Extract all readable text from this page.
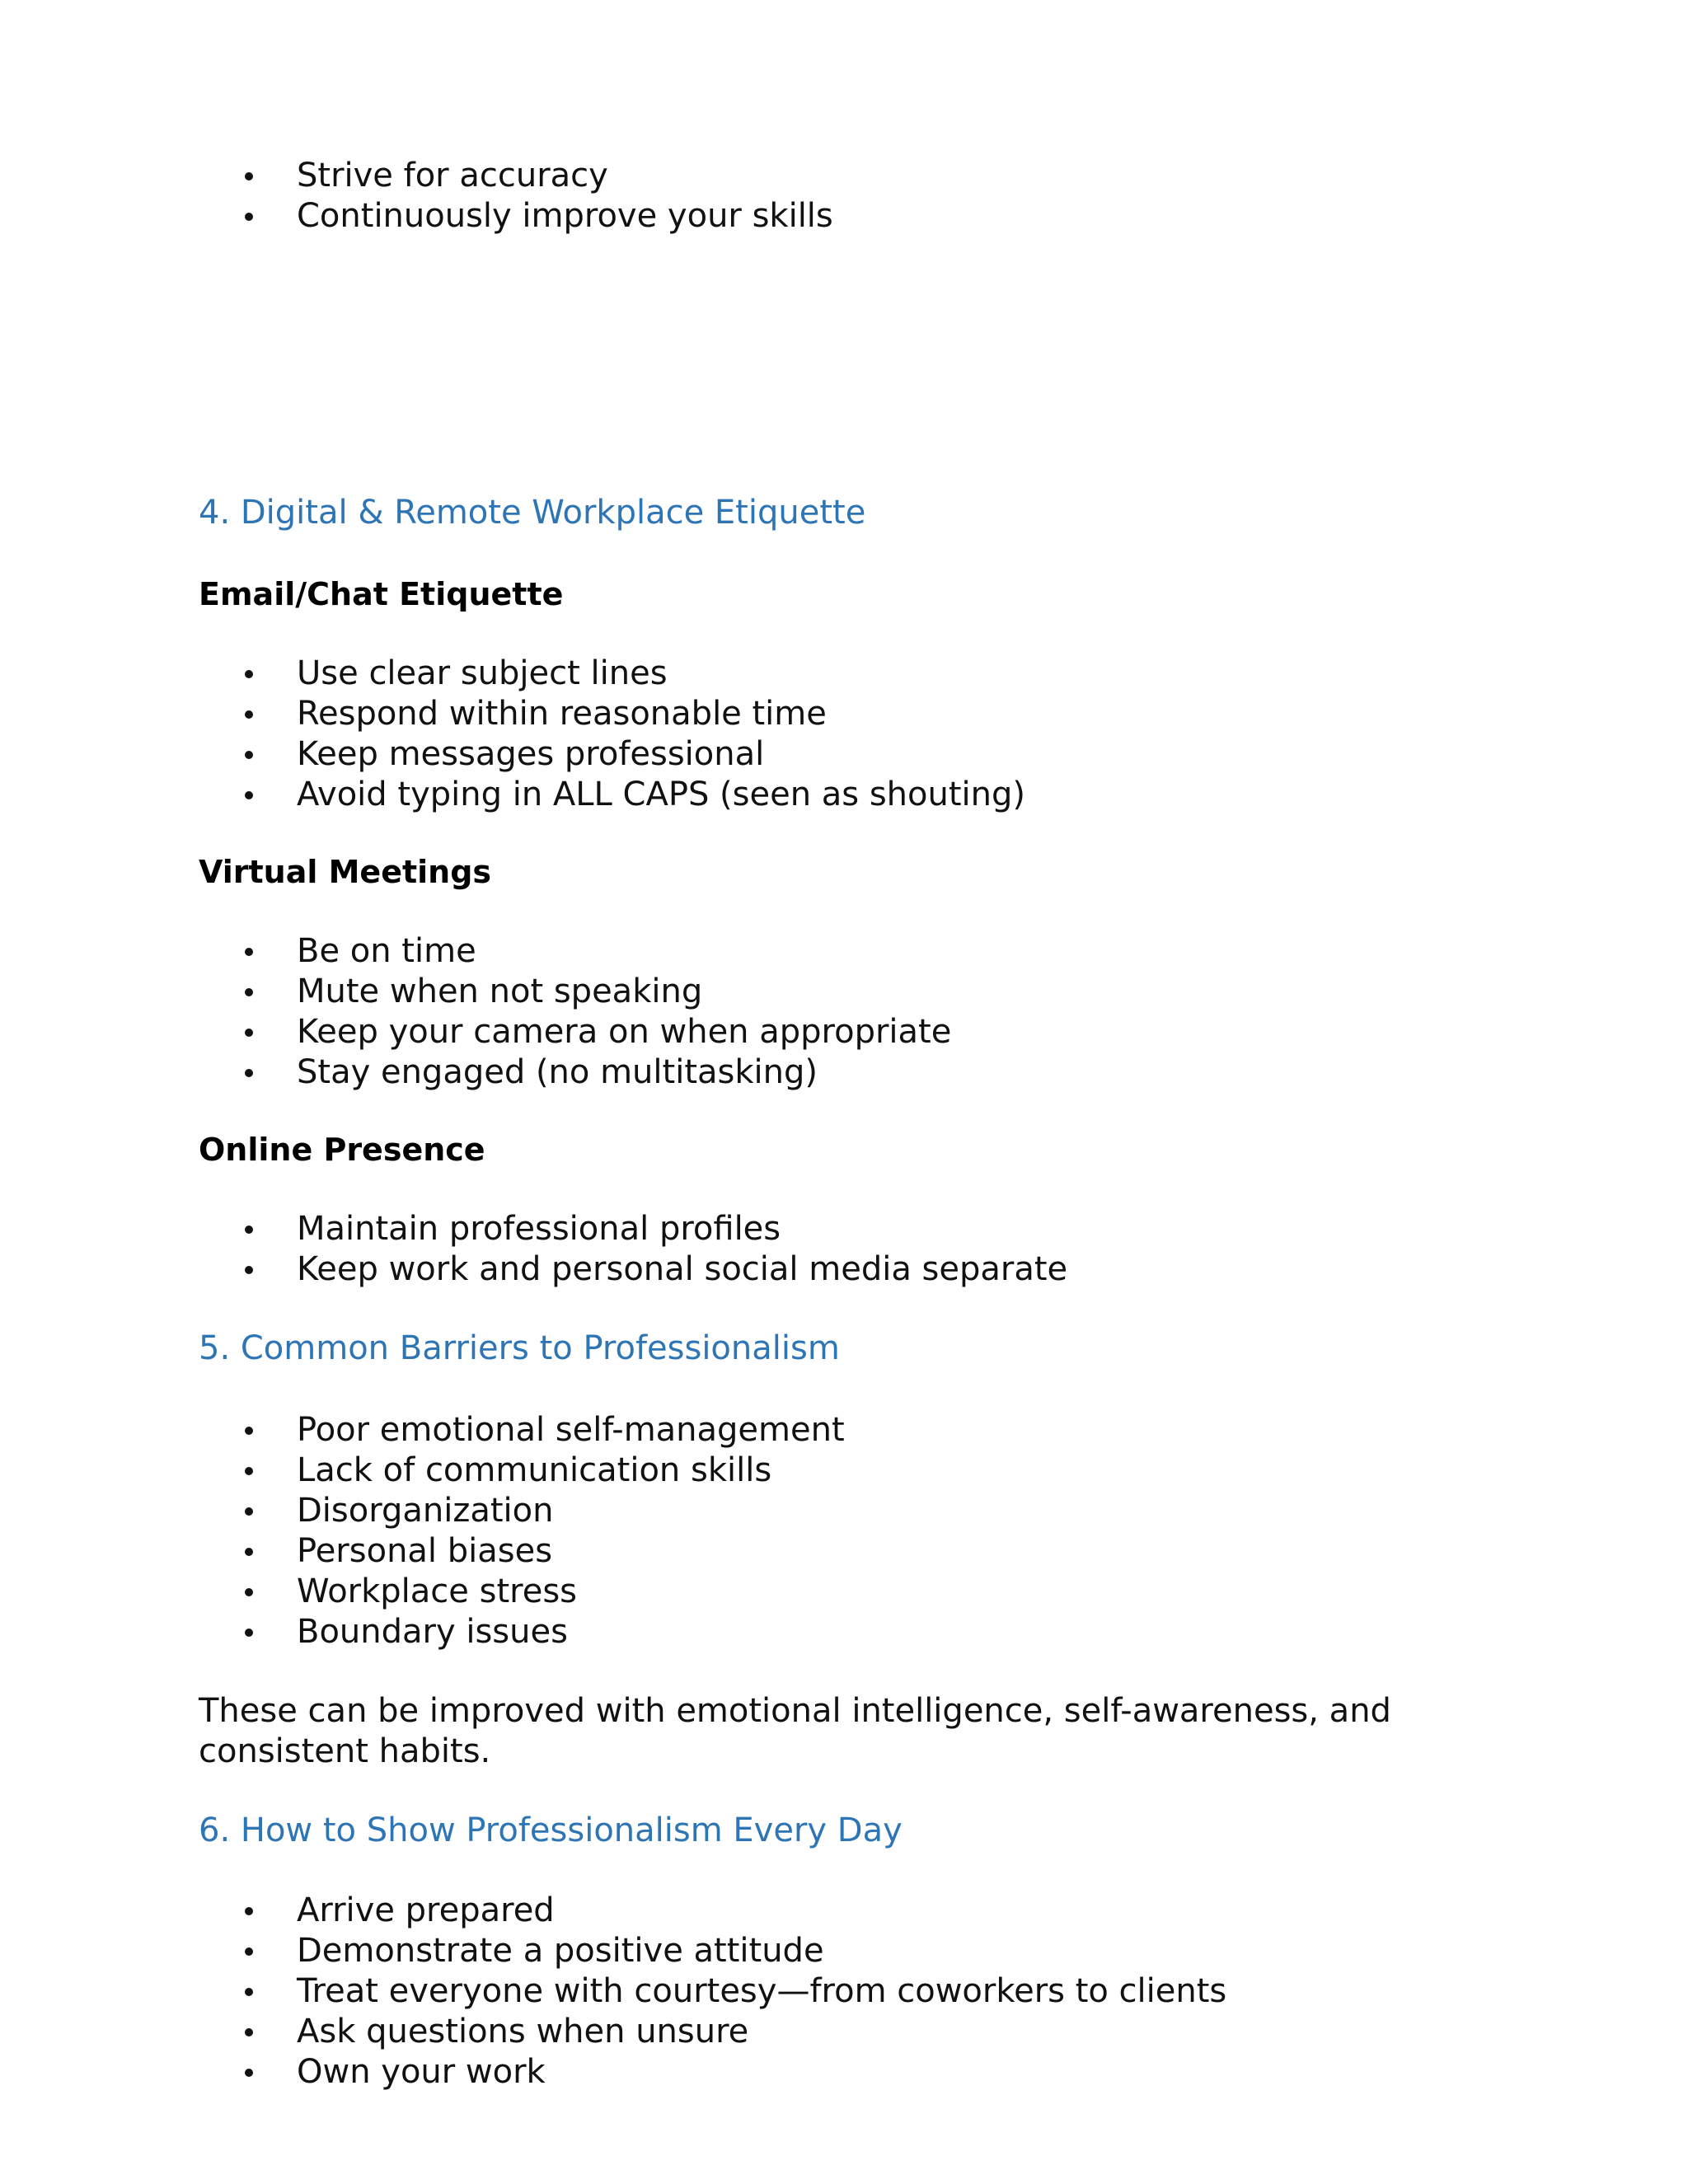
Strive for accuracy
Continuously improve your skills
4. Digital & Remote Workplace Etiquette
Email/Chat Etiquette
Use clear subject lines
Respond within reasonable time
Keep messages professional
Avoid typing in ALL CAPS (seen as shouting)
Virtual Meetings
Be on time
Mute when not speaking
Keep your camera on when appropriate
Stay engaged (no multitasking)
Online Presence
Maintain professional profiles
Keep work and personal social media separate
5. Common Barriers to Professionalism
Poor emotional self-management
Lack of communication skills
Disorganization
Personal biases
Workplace stress
Boundary issues

These can be improved with emotional intelligence, self-awareness, and consistent habits.

6. How to Show Professionalism Every Day
Arrive prepared
Demonstrate a positive attitude
Treat everyone with courtesy—from coworkers to clients
Ask questions when unsure
Own your work
